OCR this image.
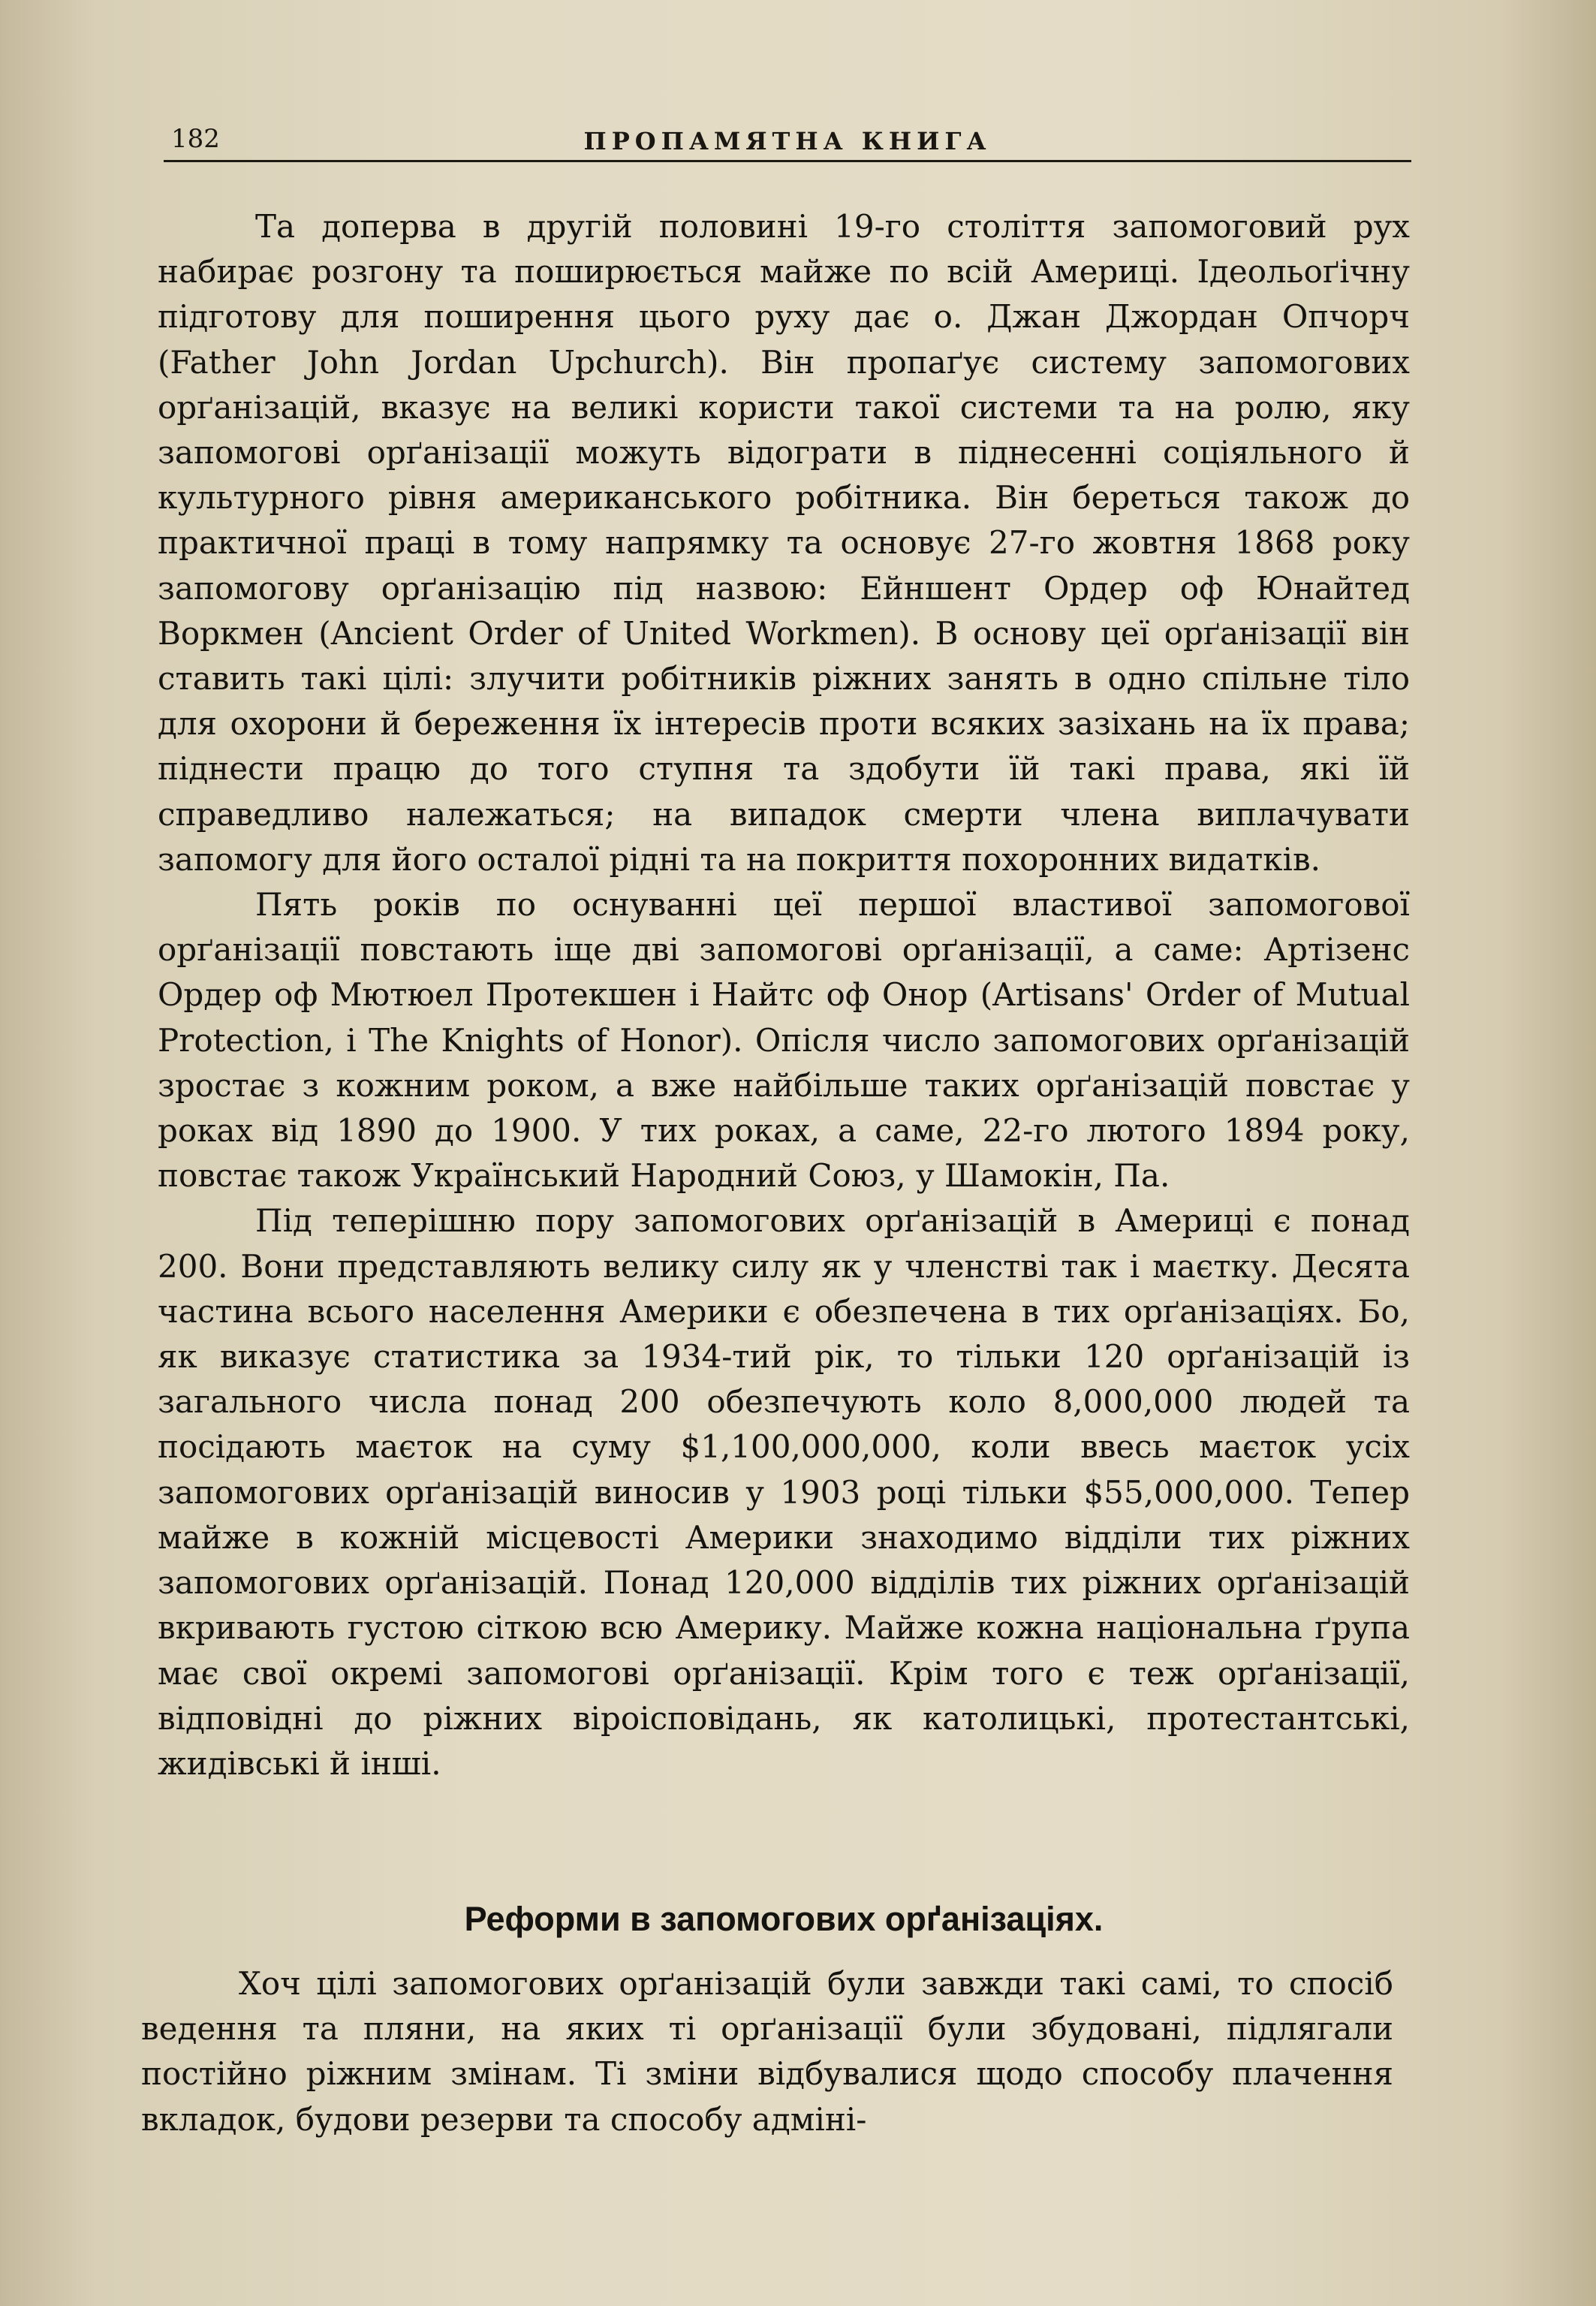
182	ПРОПАМЯТНА КНИГА

Та доперва в другій половині 19-го століття запомоговий рух набирає розгону та поширюється майже по всій Америці. Ідеольоґічну підготову для поширення цього руху дає о. Джан Джордан Опчорч (Father John Jordan Upchurch). Він пропаґує систему запомогових орґанізацій, вказує на великі користи такої системи та на ролю, яку запомогові орґанізації можуть відограти в піднесенні соціяльного й культурного рівня американського робітника. Він береться також до практичної праці в тому напрямку та основує 27-го жовтня 1868 року запомогову орґанізацію під назвою: Ейншент Ордер оф Юнайтед Воркмен (Ancient Order of United Workmen). В основу цеї орґанізації він ставить такі цілі: злучити робітників ріжних занять в одно спільне тіло для охорони й береження їх інтересів проти всяких зазіхань на їх права; піднести працю до того ступня та здобути їй такі права, які їй справедливо належаться; на випадок смерти члена виплачувати запомогу для його осталої рідні та на покриття похоронних видатків.

Пять років по оснуванні цеї першої властивої запомогової орґанізації повстають іще дві запомогові орґанізації, а саме: Артізенс Ордер оф Мютюел Протекшен і Найтс оф Онор (Artisans' Order of Mutual Protection, і The Knights of Honor). Опісля число запомогових орґанізацій зростає з кожним роком, а вже найбільше таких орґанізацій повстає у роках від 1890 до 1900. У тих роках, а саме, 22-го лютого 1894 року, повстає також Український Народний Союз, у Шамокін, Па.

Під теперішню пору запомогових орґанізацій в Америці є понад 200. Вони представляють велику силу як у членстві так і маєтку. Десята частина всього населення Америки є обезпечена в тих орґанізаціях. Бо, як виказує статистика за 1934-тий рік, то тільки 120 орґанізацій із загального числа понад 200 обезпечують коло 8,000,000 людей та посідають маєток на суму $1,100,000,000, коли ввесь маєток усіх запомогових орґанізацій виносив у 1903 році тільки $55,000,000. Тепер майже в кожній місцевості Америки знаходимо відділи тих ріжних запомогових орґанізацій. Понад 120,000 відділів тих ріжних орґанізацій вкривають густою сіткою всю Америку. Майже кожна національна ґрупа має свої окремі запомогові орґанізації. Крім того є теж орґанізації, відповідні до ріжних віроісповідань, як католицькі, протестантські, жидівські й інші.

Реформи в запомогових орґанізаціях.

Хоч цілі запомогових орґанізацій були завжди такі самі, то спосіб ведення та пляни, на яких ті орґанізації були збудовані, підлягали постійно ріжним змінам. Ті зміни відбувалися щодо способу плачення вкладок, будови резерви та способу адміні-
